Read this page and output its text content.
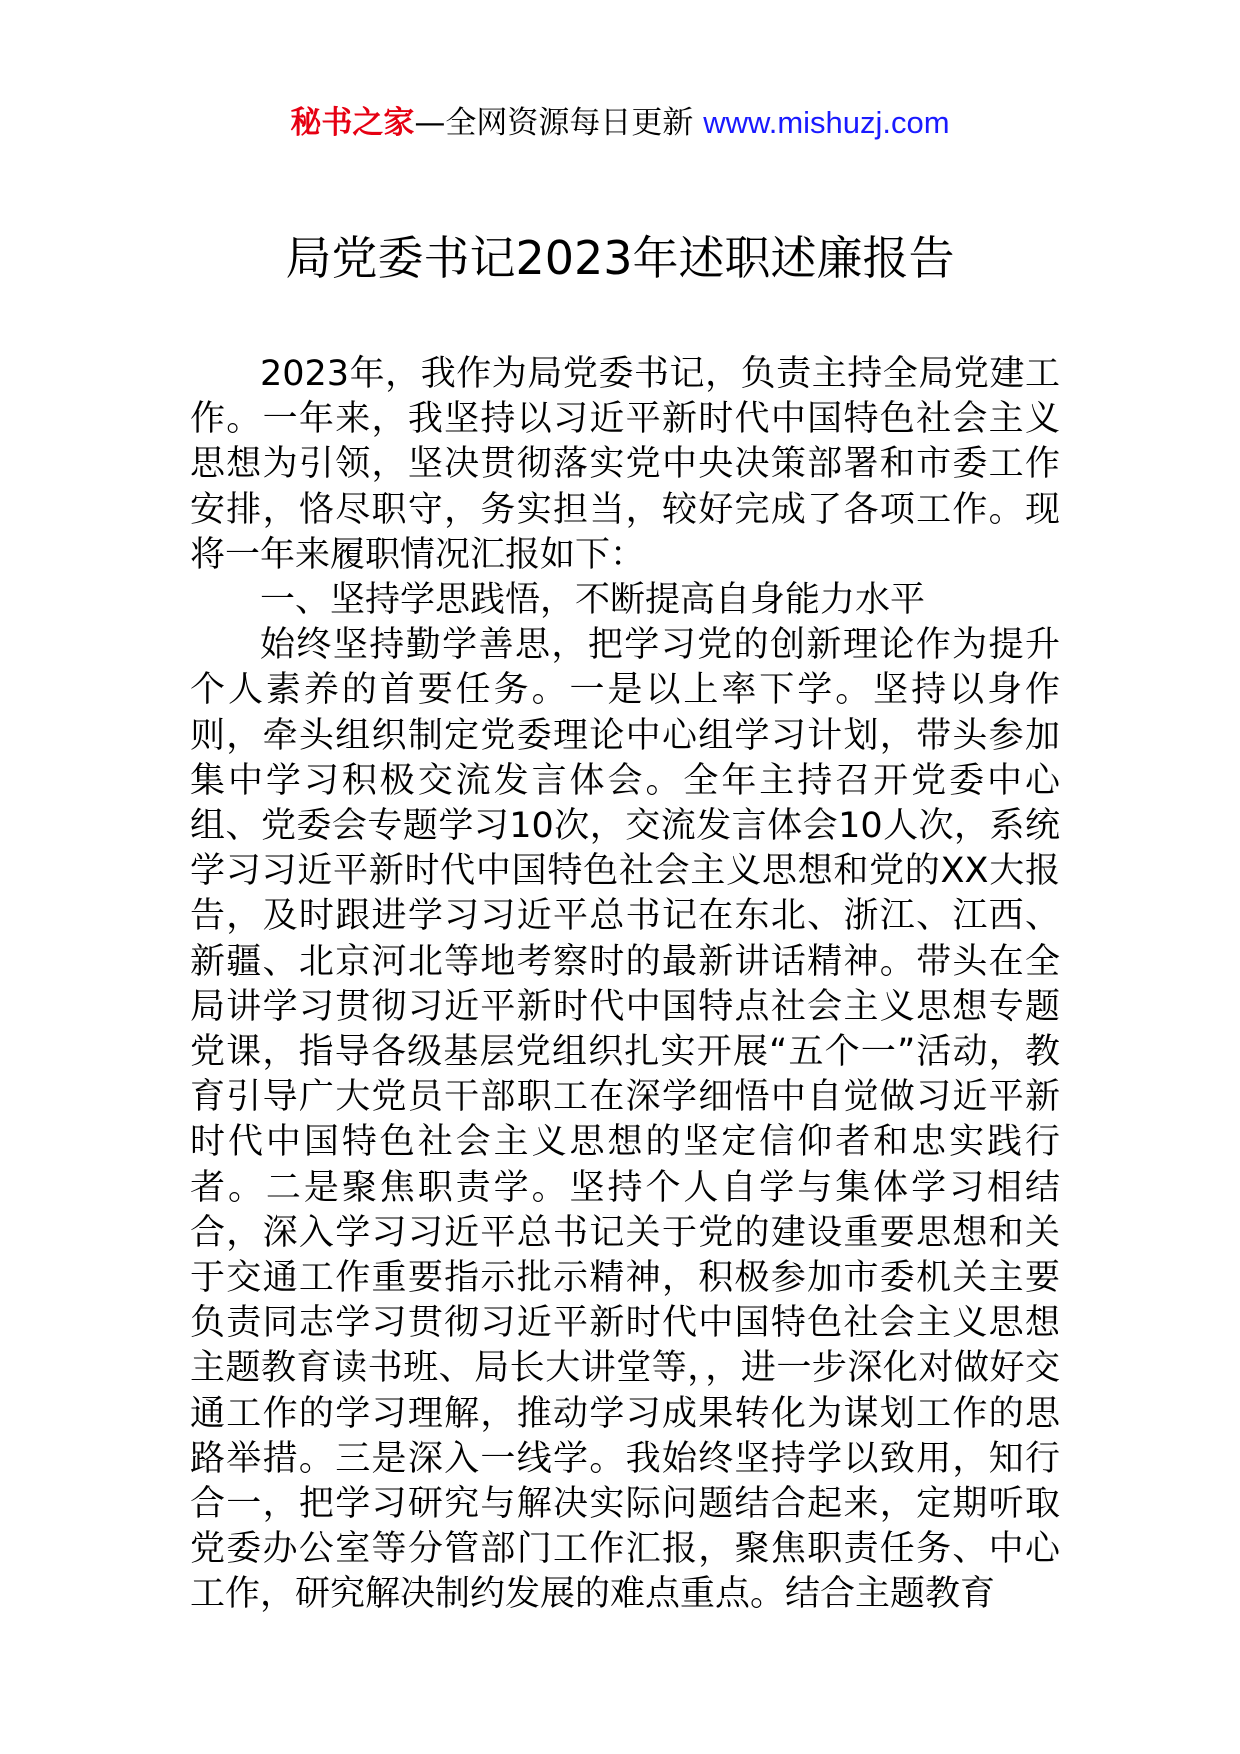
秘书之家—全网资源每日更新 www.mishuzj.com
局党委书记2023年述职述廉报告

2023年，我作为局党委书记，负责主持全局党建工作。一年来，我坚持以习近平新时代中国特色社会主义思想为引领，坚决贯彻落实党中央决策部署和市委工作安排，恪尽职守，务实担当，较好完成了各项工作。现将一年来履职情况汇报如下：

一、坚持学思践悟，不断提高自身能力水平

始终坚持勤学善思，把学习党的创新理论作为提升个人素养的首要任务。一是以上率下学。坚持以身作则，牵头组织制定党委理论中心组学习计划，带头参加集中学习积极交流发言体会。全年主持召开党委中心组、党委会专题学习10次，交流发言体会10人次，系统学习习近平新时代中国特色社会主义思想和党的XX大报告，及时跟进学习习近平总书记在东北、浙江、江西、新疆、北京河北等地考察时的最新讲话精神。带头在全局讲学习贯彻习近平新时代中国特点社会主义思想专题党课，指导各级基层党组织扎实开展“五个一”活动，教育引导广大党员干部职工在深学细悟中自觉做习近平新时代中国特色社会主义思想的坚定信仰者和忠实践行者。二是聚焦职责学。坚持个人自学与集体学习相结合，深入学习习近平总书记关于党的建设重要思想和关于交通工作重要指示批示精神，积极参加市委机关主要负责同志学习贯彻习近平新时代中国特色社会主义思想主题教育读书班、局长大讲堂等，，进一步深化对做好交通工作的学习理解，推动学习成果转化为谋划工作的思路举措。三是深入一线学。我始终坚持学以致用，知行合一，把学习研究与解决实际问题结合起来，定期听取党委办公室等分管部门工作汇报，聚焦职责任务、中心工作，研究解决制约发展的难点重点。结合主题教育
